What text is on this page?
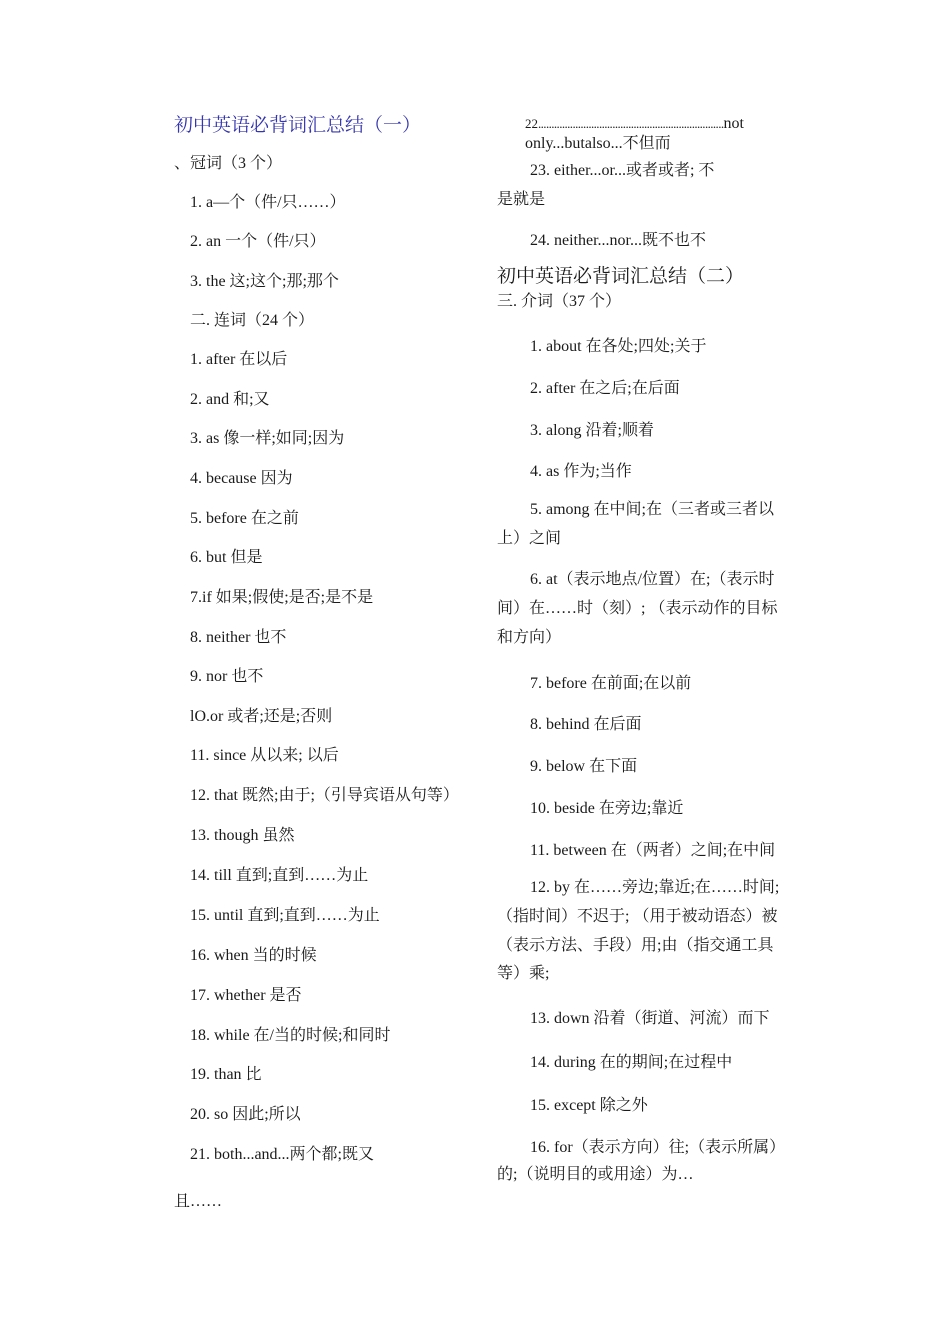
初中英语必背词汇总结（一）
、冠词（3 个）
1. a—个（件/只……）
2. an 一个（件/只）
3. the 这;这个;那;那个
二. 连词（24 个）
1. after 在以后
2. and 和;又
3. as 像一样;如同;因为
4. because 因为
5. before 在之前
6. but 但是
7.if 如果;假使;是否;是不是
8. neither 也不
9. nor 也不
lO.or 或者;还是;否则
11. since 从以来; 以后
12. that 既然;由于;（引导宾语从句等）
13. though 虽然
14. till 直到;直到……为止
15. until 直到;直到……为止
16. when 当的时候
17. whether 是否
18. while 在/当的时候;和同时
19. than 比
20. so 因此;所以
21. both...and...两个都;既又
且……
22......................................................................not
only...butalso...不但而
23. either...or...或者或者; 不
是就是
24. neither...nor...既不也不
初中英语必背词汇总结（二）
三. 介词（37 个）
1. about 在各处;四处;关于
2. after 在之后;在后面
3. along 沿着;顺着
4. as 作为;当作
5. among 在中间;在（三者或三者以
上）之间
6. at（表示地点/位置）在;（表示时
间）在……时（刻）; （表示动作的目标
和方向）
7. before 在前面;在以前
8. behind 在后面
9. below 在下面
10. beside 在旁边;靠近
11. between 在（两者）之间;在中间
12. by 在……旁边;靠近;在……时间;
（指时间）不迟于; （用于被动语态）被
（表示方法、手段）用;由（指交通工具
等）乘;
13. down 沿着（街道、河流）而下
14. during 在的期间;在过程中
15. except 除之外
16. for（表示方向）往;（表示所属）
的;（说明目的或用途）为…
